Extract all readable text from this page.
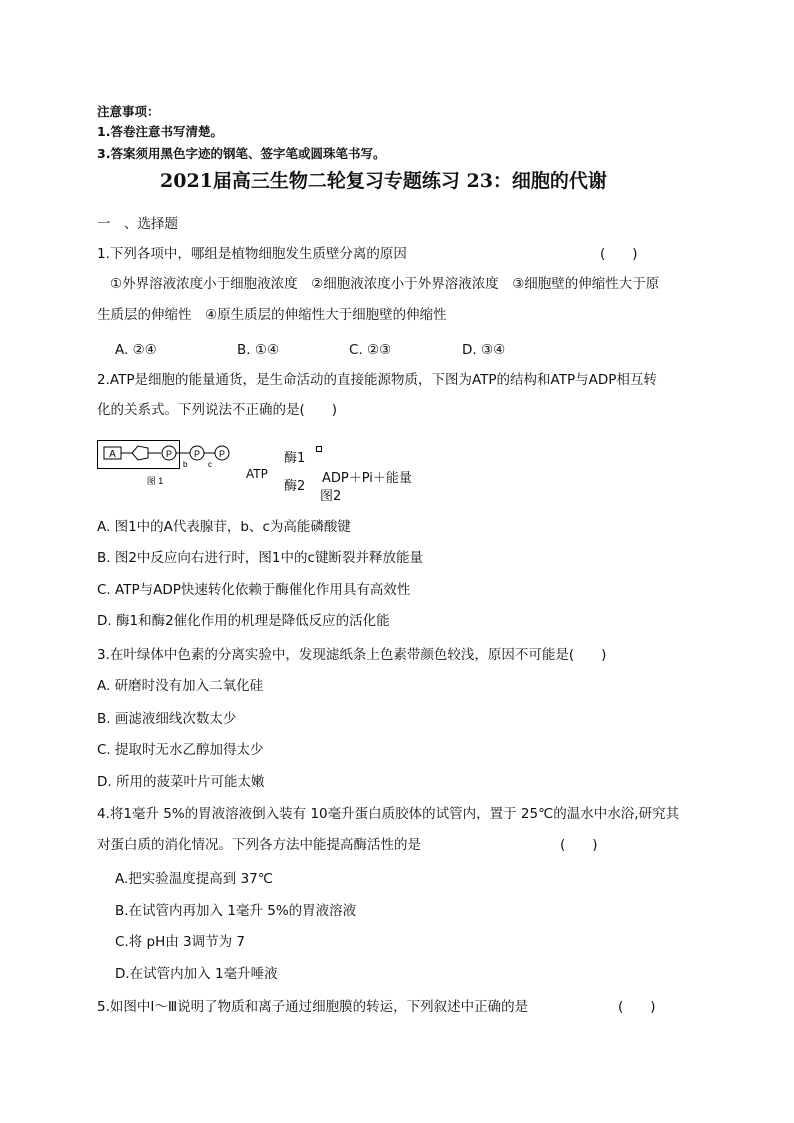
注意事项：
1.答卷注意书写清楚。
3.答案须用黑色字迹的钢笔、签字笔或圆珠笔书写。
2021届高三生物二轮复习专题练习 23：细胞的代谢
一　、选择题
1.下列各项中，哪组是植物细胞发生质壁分离的原因	(　　)
①外界溶液浓度小于细胞液浓度　②细胞液浓度小于外界溶液浓度　③细胞壁的伸缩性大于原
生质层的伸缩性　④原生质层的伸缩性大于细胞壁的伸缩性
A. ②④	B. ①④	C. ②③	D. ③④
2.ATP是细胞的能量通货，是生命活动的直接能源物质，下图为ATP的结构和ATP与ADP相互转
化的关系式。下列说法不正确的是(　　)
A	P P P
b	c
图 1	ATP
酶1
酶2
ADP＋Pi＋能量
图2
A. 图1中的A代表腺苷，b、c为高能磷酸键
B. 图2中反应向右进行时，图1中的c键断裂并释放能量
C. ATP与ADP快速转化依赖于酶催化作用具有高效性
D. 酶1和酶2催化作用的机理是降低反应的活化能
3.在叶绿体中色素的分离实验中，发现滤纸条上色素带颜色较浅，原因不可能是(　　)
A. 研磨时没有加入二氧化硅
B. 画滤液细线次数太少
C. 提取时无水乙醇加得太少
D. 所用的菠菜叶片可能太嫩
4.将1毫升 5%的胃液溶液倒入装有 10毫升蛋白质胶体的试管内，置于 25℃的温水中水浴,研究其
对蛋白质的消化情况。下列各方法中能提高酶活性的是	(　　)
A.把实验温度提高到 37℃
B.在试管内再加入 1毫升 5%的胃液溶液
C.将 pH由 3调节为 7
D.在试管内加入 1毫升唾液
5.如图中Ⅰ～Ⅲ说明了物质和离子通过细胞膜的转运，下列叙述中正确的是	(　　)
